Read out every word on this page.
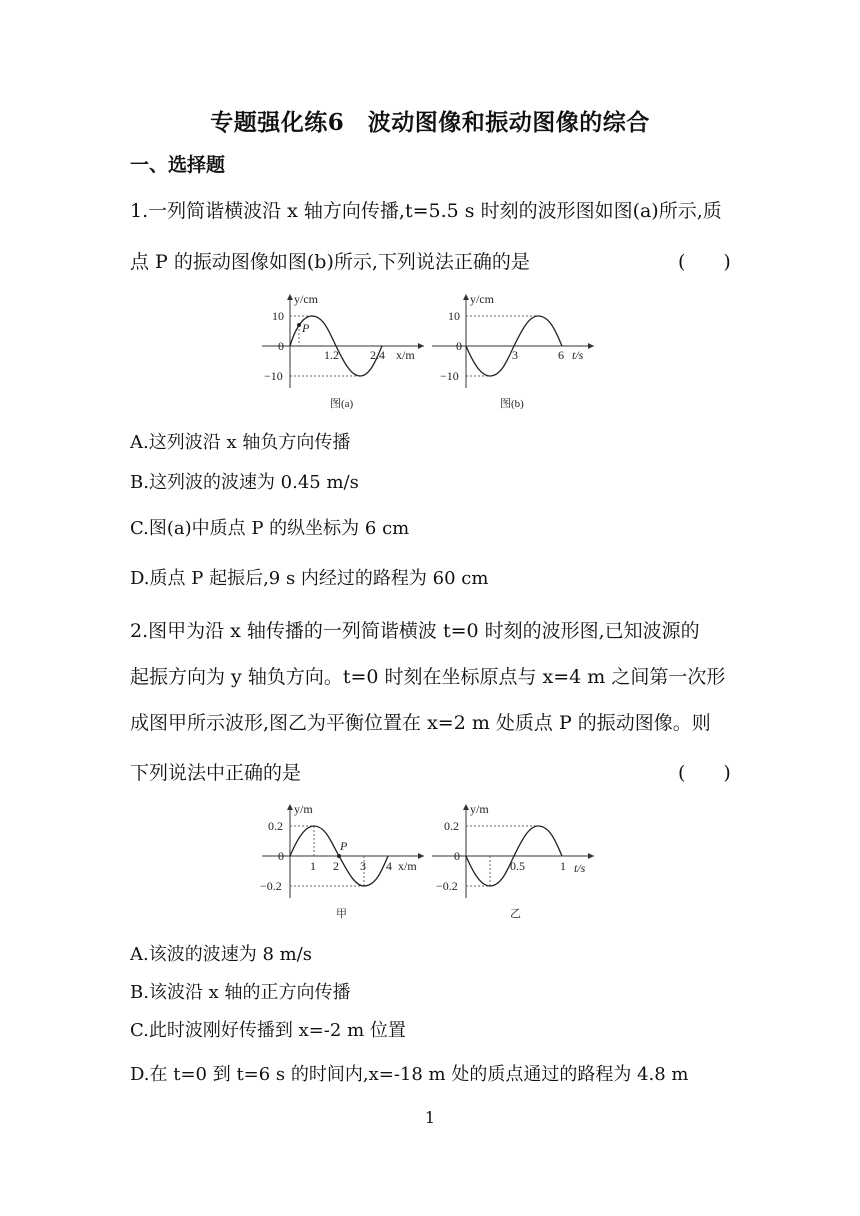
专题强化练6　波动图像和振动图像的综合
一、选择题
1.一列简谐横波沿 x 轴方向传播,t=5.5 s 时刻的波形图如图(a)所示,质
点 P 的振动图像如图(b)所示,下列说法正确的是	(　　)
P
y/cm
x/m
10
0
−10
1.2	2.4
图(a)
y/cm
t/s
10
0
−10
3	6
图(b)
A.这列波沿 x 轴负方向传播
B.这列波的波速为 0.45 m/s
C.图(a)中质点 P 的纵坐标为 6 cm
D.质点 P 起振后,9 s 内经过的路程为 60 cm
2.图甲为沿 x 轴传播的一列简谐横波 t=0 时刻的波形图,已知波源的
起振方向为 y 轴负方向。t=0 时刻在坐标原点与 x=4 m 之间第一次形
成图甲所示波形,图乙为平衡位置在 x=2 m 处质点 P 的振动图像。则
下列说法中正确的是	(　　)
P
y/m
x/m
0.2
0
−0.2
1 2 3 4
甲
y/m
t/s
0.2
0
−0.2
0.5	1
乙
A.该波的波速为 8 m/s
B.该波沿 x 轴的正方向传播
C.此时波刚好传播到 x=-2 m 位置
D.在 t=0 到 t=6 s 的时间内,x=-18 m 处的质点通过的路程为 4.8 m
1
